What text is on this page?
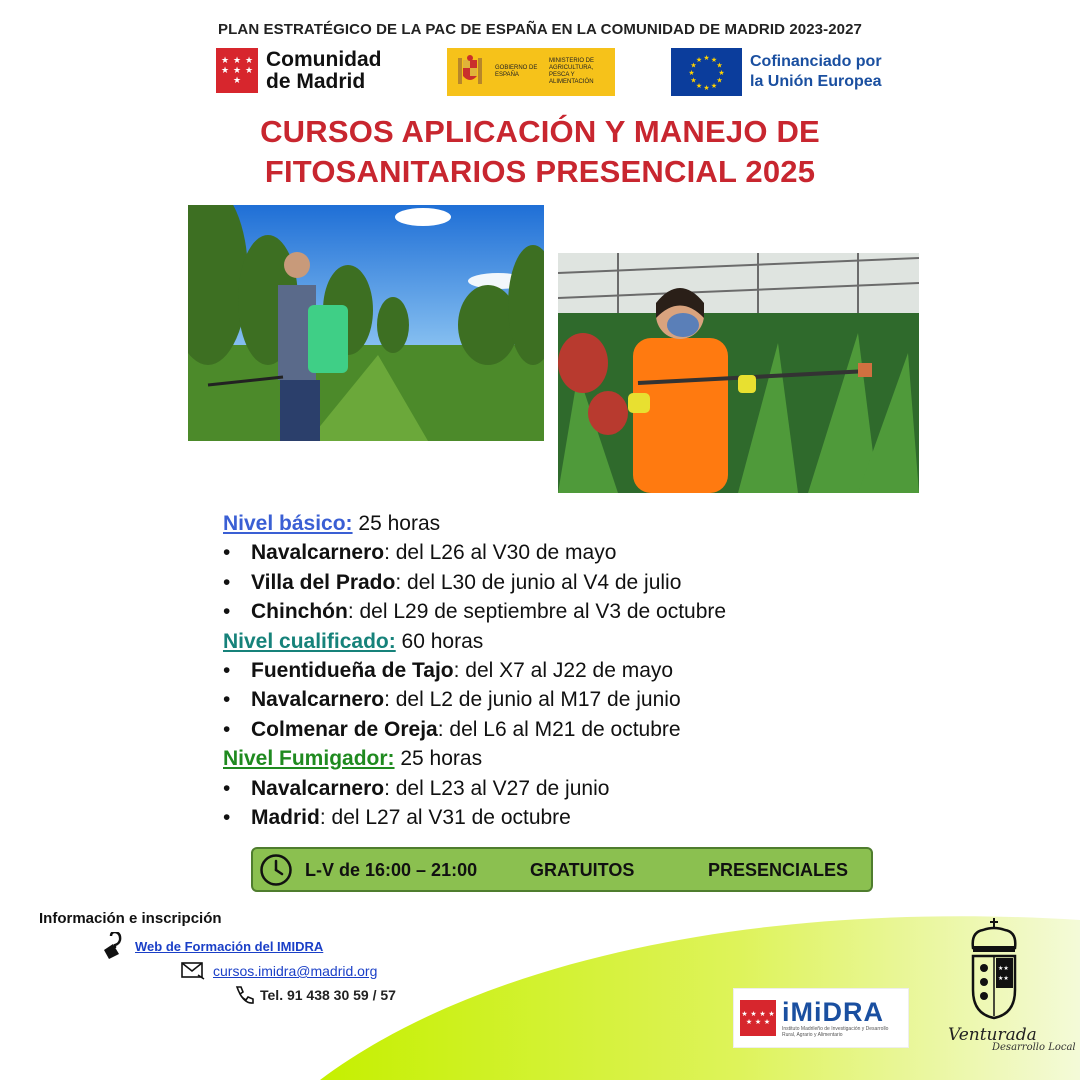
PLAN ESTRATÉGICO DE LA PAC DE ESPAÑA EN LA COMUNIDAD DE MADRID 2023-2027
★ ★ ★
★ ★ ★
★
Comunidad
de Madrid
GOBIERNO DE ESPAÑA
MINISTERIO DE AGRICULTURA, PESCA Y ALIMENTACIÓN
★ ★
★
★
★
★
★
★
★
★
★
★	Cofinanciado por
la Unión Europea
CURSOS APLICACIÓN Y MANEJO DE
FITOSANITARIOS PRESENCIAL 2025
Nivel básico: 25 horas
• Navalcarnero: del L26 al V30 de mayo
• Villa del Prado: del L30 de junio al V4 de julio
• Chinchón: del L29 de septiembre al V3 de octubre
Nivel cualificado: 60 horas
• Fuentidueña de Tajo: del X7 al J22 de mayo
• Navalcarnero: del L2 de junio al M17 de junio
• Colmenar de Oreja: del L6 al M21 de octubre
Nivel Fumigador: 25 horas
• Navalcarnero: del L23 al V27 de junio
• Madrid: del L27 al V31 de octubre
L-V de 16:00 – 21:00	GRATUITOS	PRESENCIALES
Información e inscripción
Web de Formación del IMIDRA
cursos.imidra@madrid.org
Tel. 91 438 30 59 / 57
★ ★ ★ ★
★ ★ ★ iMiDRA
Instituto Madrileño de Investigación y Desarrollo Rural, Agrario y Alimentario
★★
★★
Venturada
Desarrollo Local
